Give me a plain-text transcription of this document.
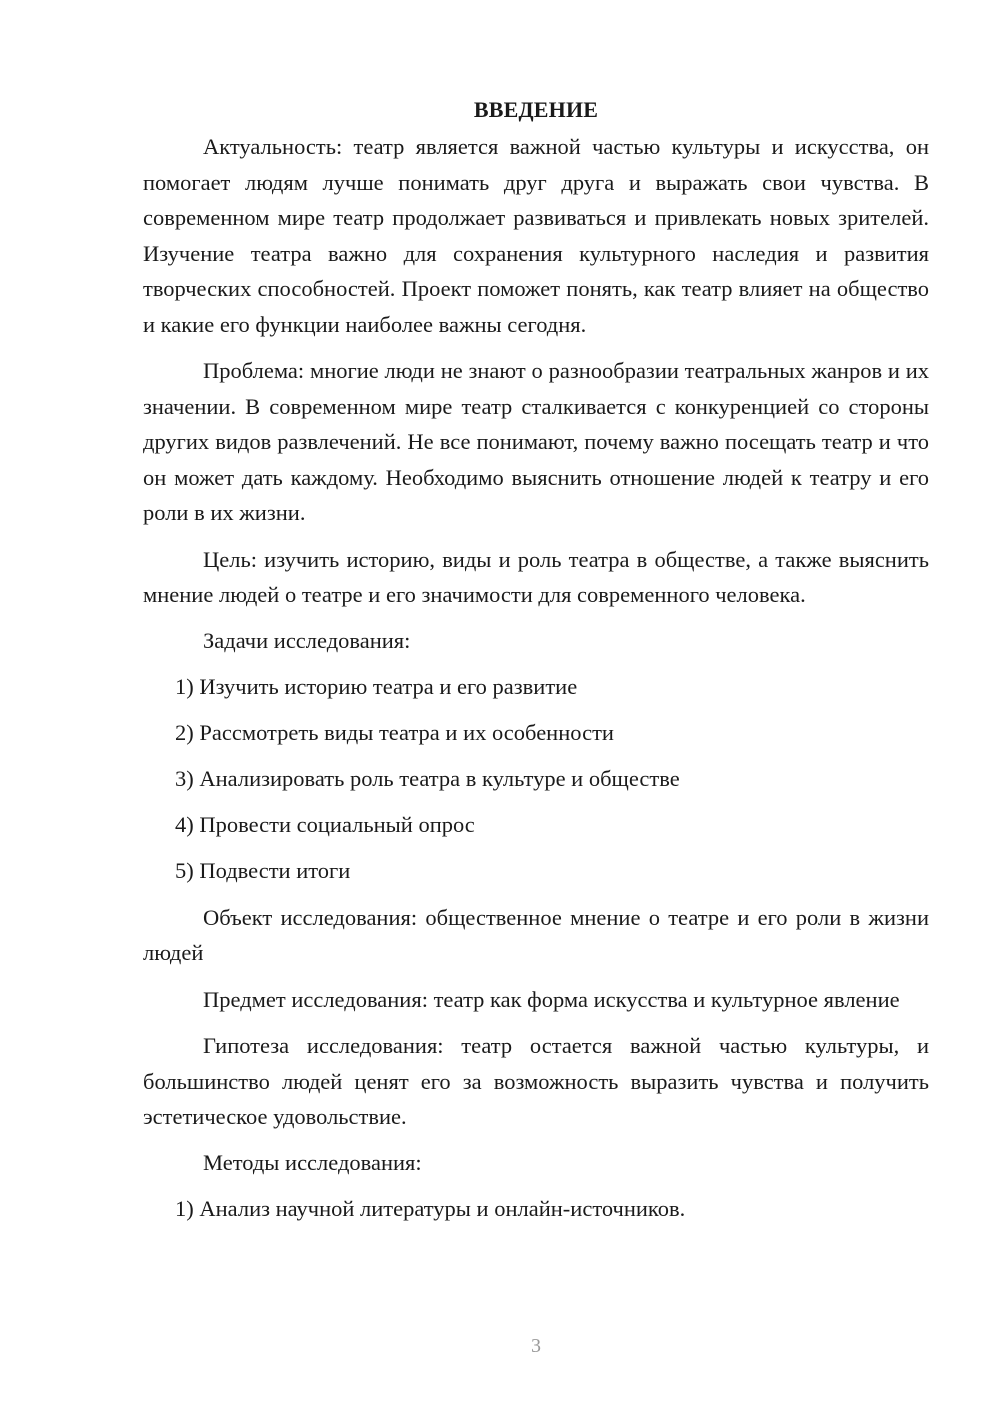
ВВЕДЕНИЕ

Актуальность: театр является важной частью культуры и искусства, он помогает людям лучше понимать друг друга и выражать свои чувства. В современном мире театр продолжает развиваться и привлекать новых зрителей. Изучение театра важно для сохранения культурного наследия и развития творческих способностей. Проект поможет понять, как театр влияет на общество и какие его функции наиболее важны сегодня.

Проблема: многие люди не знают о разнообразии театральных жанров и их значении. В современном мире театр сталкивается с конкуренцией со стороны других видов развлечений. Не все понимают, почему важно посещать театр и что он может дать каждому. Необходимо выяснить отношение людей к театру и его роли в их жизни.

Цель: изучить историю, виды и роль театра в обществе, а также выяснить мнение людей о театре и его значимости для современного человека.

Задачи исследования:
1) Изучить историю театра и его развитие
2) Рассмотреть виды театра и их особенности
3) Анализировать роль театра в культуре и обществе
4) Провести социальный опрос
5) Подвести итоги

Объект исследования: общественное мнение о театре и его роли в жизни людей

Предмет исследования: театр как форма искусства и культурное явление

Гипотеза исследования: театр остается важной частью культуры, и большинство людей ценят его за возможность выразить чувства и получить эстетическое удовольствие.

Методы исследования:
1) Анализ научной литературы и онлайн-источников.
3
